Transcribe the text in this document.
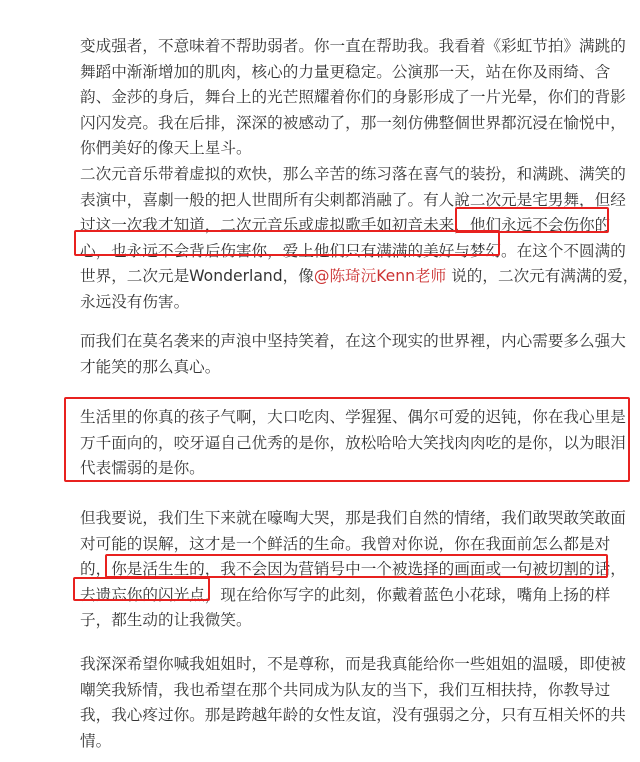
变成强者，不意味着不帮助弱者。你一直在帮助我。我看着《彩虹节拍》满跳的
舞蹈中渐渐增加的肌肉，核心的力量更稳定。公演那一天，站在你及雨绮、含
韵、金莎的身后，舞台上的光芒照耀着你们的身影形成了一片光晕，你们的背影
闪闪发亮。我在后排，深深的被感动了，那一刻仿佛整個世界都沉浸在愉悦中，
你們美好的像天上星斗。

二次元音乐带着虚拟的欢快，那么辛苦的练习落在喜气的装扮，和满跳、满笑的
表演中，喜劇一般的把人世間所有尖刺都消融了。有人說二次元是宅男舞，但经
过这一次我才知道，二次元音乐或虚拟歌手如初音未来，他们永远不会伤你的
心，也永远不会背后伤害你，爱上他们只有满满的美好与梦幻。在这个不圆满的
世界，二次元是Wonderland，像@陈琦沅Kenn老师 说的，二次元有满满的爱，
永远没有伤害。

而我们在莫名袭来的声浪中坚持笑着，在这个现实的世界裡，内心需要多么强大
才能笑的那么真心。

生活里的你真的孩子气啊，大口吃肉、学猩猩、偶尔可爱的迟钝，你在我心里是
万千面向的，咬牙逼自己优秀的是你，放松哈哈大笑找肉肉吃的是你，以为眼泪
代表懦弱的是你。

但我要说，我们生下来就在嚎啕大哭，那是我们自然的情绪，我们敢哭敢笑敢面
对可能的误解，这才是一个鲜活的生命。我曾对你说，你在我面前怎么都是对
的，你是活生生的，我不会因为营销号中一个被选择的画面或一句被切割的话，
去遗忘你的闪光点，现在给你写字的此刻，你戴着蓝色小花球，嘴角上扬的样
子，都生动的让我微笑。

我深深希望你喊我姐姐时，不是尊称，而是我真能给你一些姐姐的温暖，即使被
嘲笑我矫情，我也希望在那个共同成为队友的当下，我们互相扶持，你教导过
我，我心疼过你。那是跨越年龄的女性友谊，没有强弱之分，只有互相关怀的共
情。
